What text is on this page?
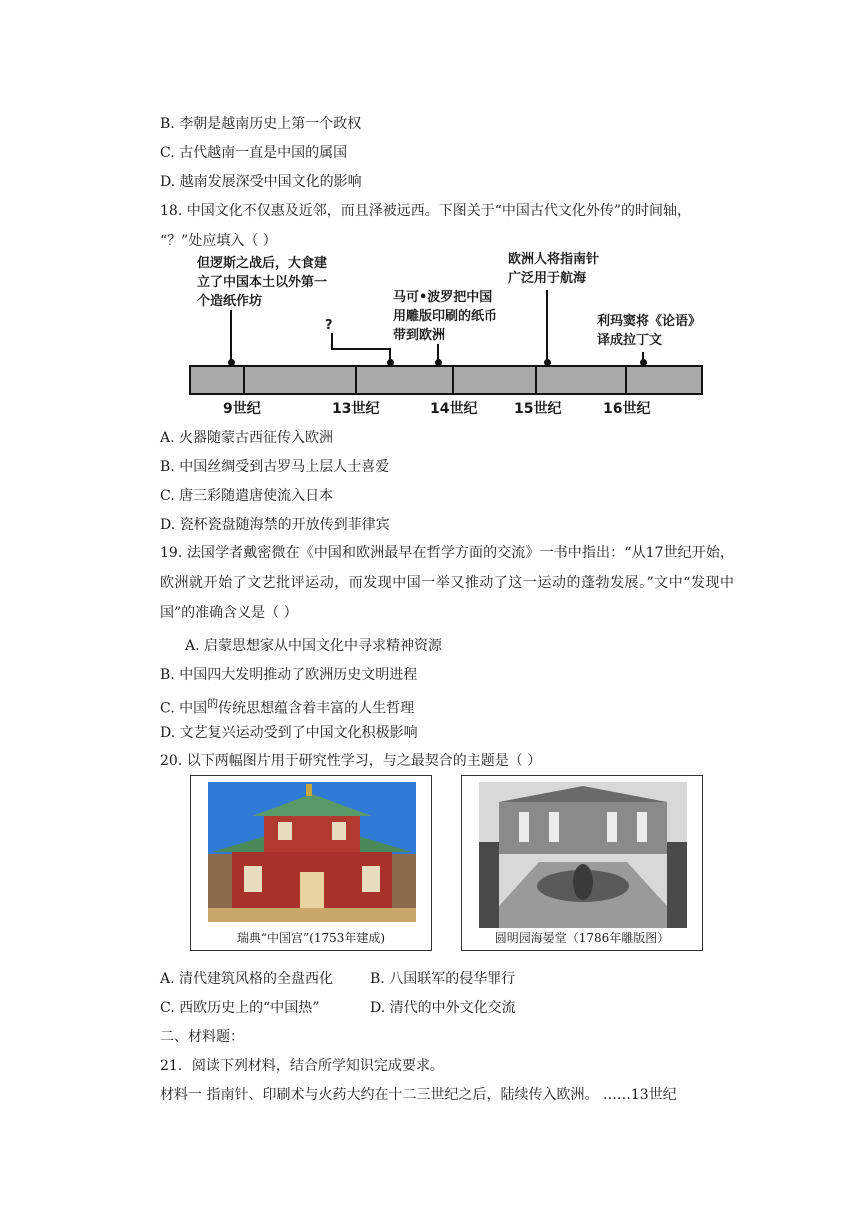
B. 李朝是越南历史上第一个政权
C. 古代越南一直是中国的属国
D. 越南发展深受中国文化的影响
18. 中国文化不仅惠及近邻，而且泽被远西。下图关于“中国古代文化外传”的时间轴，
“？”处应填入（ ）
但逻斯之战后，大食建
立了中国本土以外第一
个造纸作坊
?
马可•波罗把中国
用雕版印刷的纸币
带到欧洲
欧洲人将指南针
广泛用于航海
利玛窦将《论语》
译成拉丁文
9世纪	13世纪	14世纪	15世纪	16世纪
A. 火器随蒙古西征传入欧洲
B. 中国丝绸受到古罗马上层人士喜爱
C. 唐三彩随遣唐使流入日本
D. 瓷杯瓷盘随海禁的开放传到菲律宾
19. 法国学者戴密微在《中国和欧洲最早在哲学方面的交流》一书中指出：“从17世纪开始，欧洲就开始了文艺批评运动，而发现中国一举又推动了这一运动的蓬勃发展。”文中“发现中国”的准确含义是（ ）
A. 启蒙思想家从中国文化中寻求精神资源
B. 中国四大发明推动了欧洲历史文明进程
C. 中国$^的$传统思想蕴含着丰富的人生哲理
D. 文艺复兴运动受到了中国文化积极影响
20. 以下两幅图片用于研究性学习，与之最契合的主题是（ ）
瑞典“中国宫”(1753年建成)	圆明园海晏堂（1786年雕版图）
A. 清代建筑风格的全盘西化	B. 八国联军的侵华罪行
C. 西欧历史上的“中国热”	D. 清代的中外文化交流
二、材料题：
21．阅读下列材料，结合所学知识完成要求。
材料一 指南针、印刷术与火药大约在十二三世纪之后，陆续传入欧洲。 ……13世纪
